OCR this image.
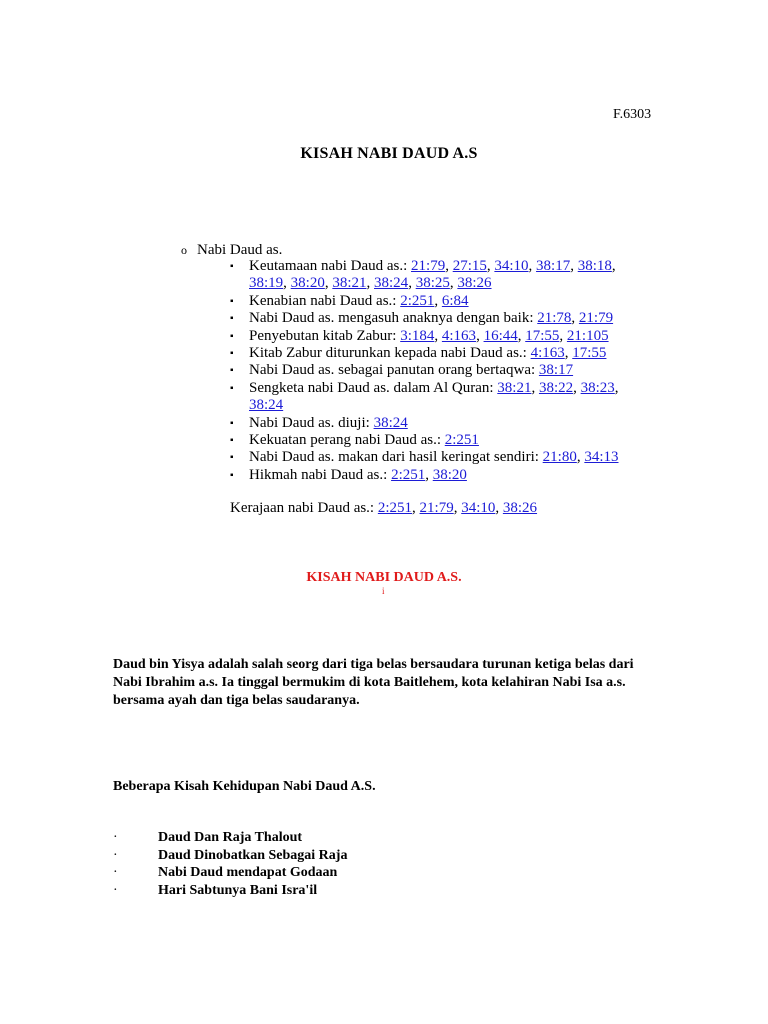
F.6303
KISAH NABI DAUD A.S
o Nabi Daud as.
▪ Keutamaan nabi Daud as.: 21:79, 27:15, 34:10, 38:17, 38:18, 38:19, 38:20, 38:21, 38:24, 38:25, 38:26
▪ Kenabian nabi Daud as.: 2:251, 6:84
▪ Nabi Daud as. mengasuh anaknya dengan baik: 21:78, 21:79
▪ Penyebutan kitab Zabur: 3:184, 4:163, 16:44, 17:55, 21:105
▪ Kitab Zabur diturunkan kepada nabi Daud as.: 4:163, 17:55
▪ Nabi Daud as. sebagai panutan orang bertaqwa: 38:17
▪ Sengketa nabi Daud as. dalam Al Quran: 38:21, 38:22, 38:23, 38:24
▪ Nabi Daud as. diuji: 38:24
▪ Kekuatan perang nabi Daud as.: 2:251
▪ Nabi Daud as. makan dari hasil keringat sendiri: 21:80, 34:13
▪ Hikmah nabi Daud as.: 2:251, 38:20
Kerajaan nabi Daud as.: 2:251, 21:79, 34:10, 38:26
KISAH NABI DAUD A.S.
i
Daud bin Yisya adalah salah seorg dari tiga belas bersaudara turunan ketiga belas dari Nabi Ibrahim a.s. Ia tinggal bermukim di kota Baitlehem, kota kelahiran Nabi Isa a.s. bersama ayah dan tiga belas saudaranya.
Beberapa Kisah Kehidupan Nabi Daud A.S.
·	Daud Dan Raja Thalout
·	Daud Dinobatkan Sebagai Raja
·	Nabi Daud mendapat Godaan
·	Hari Sabtunya Bani Isra'il
